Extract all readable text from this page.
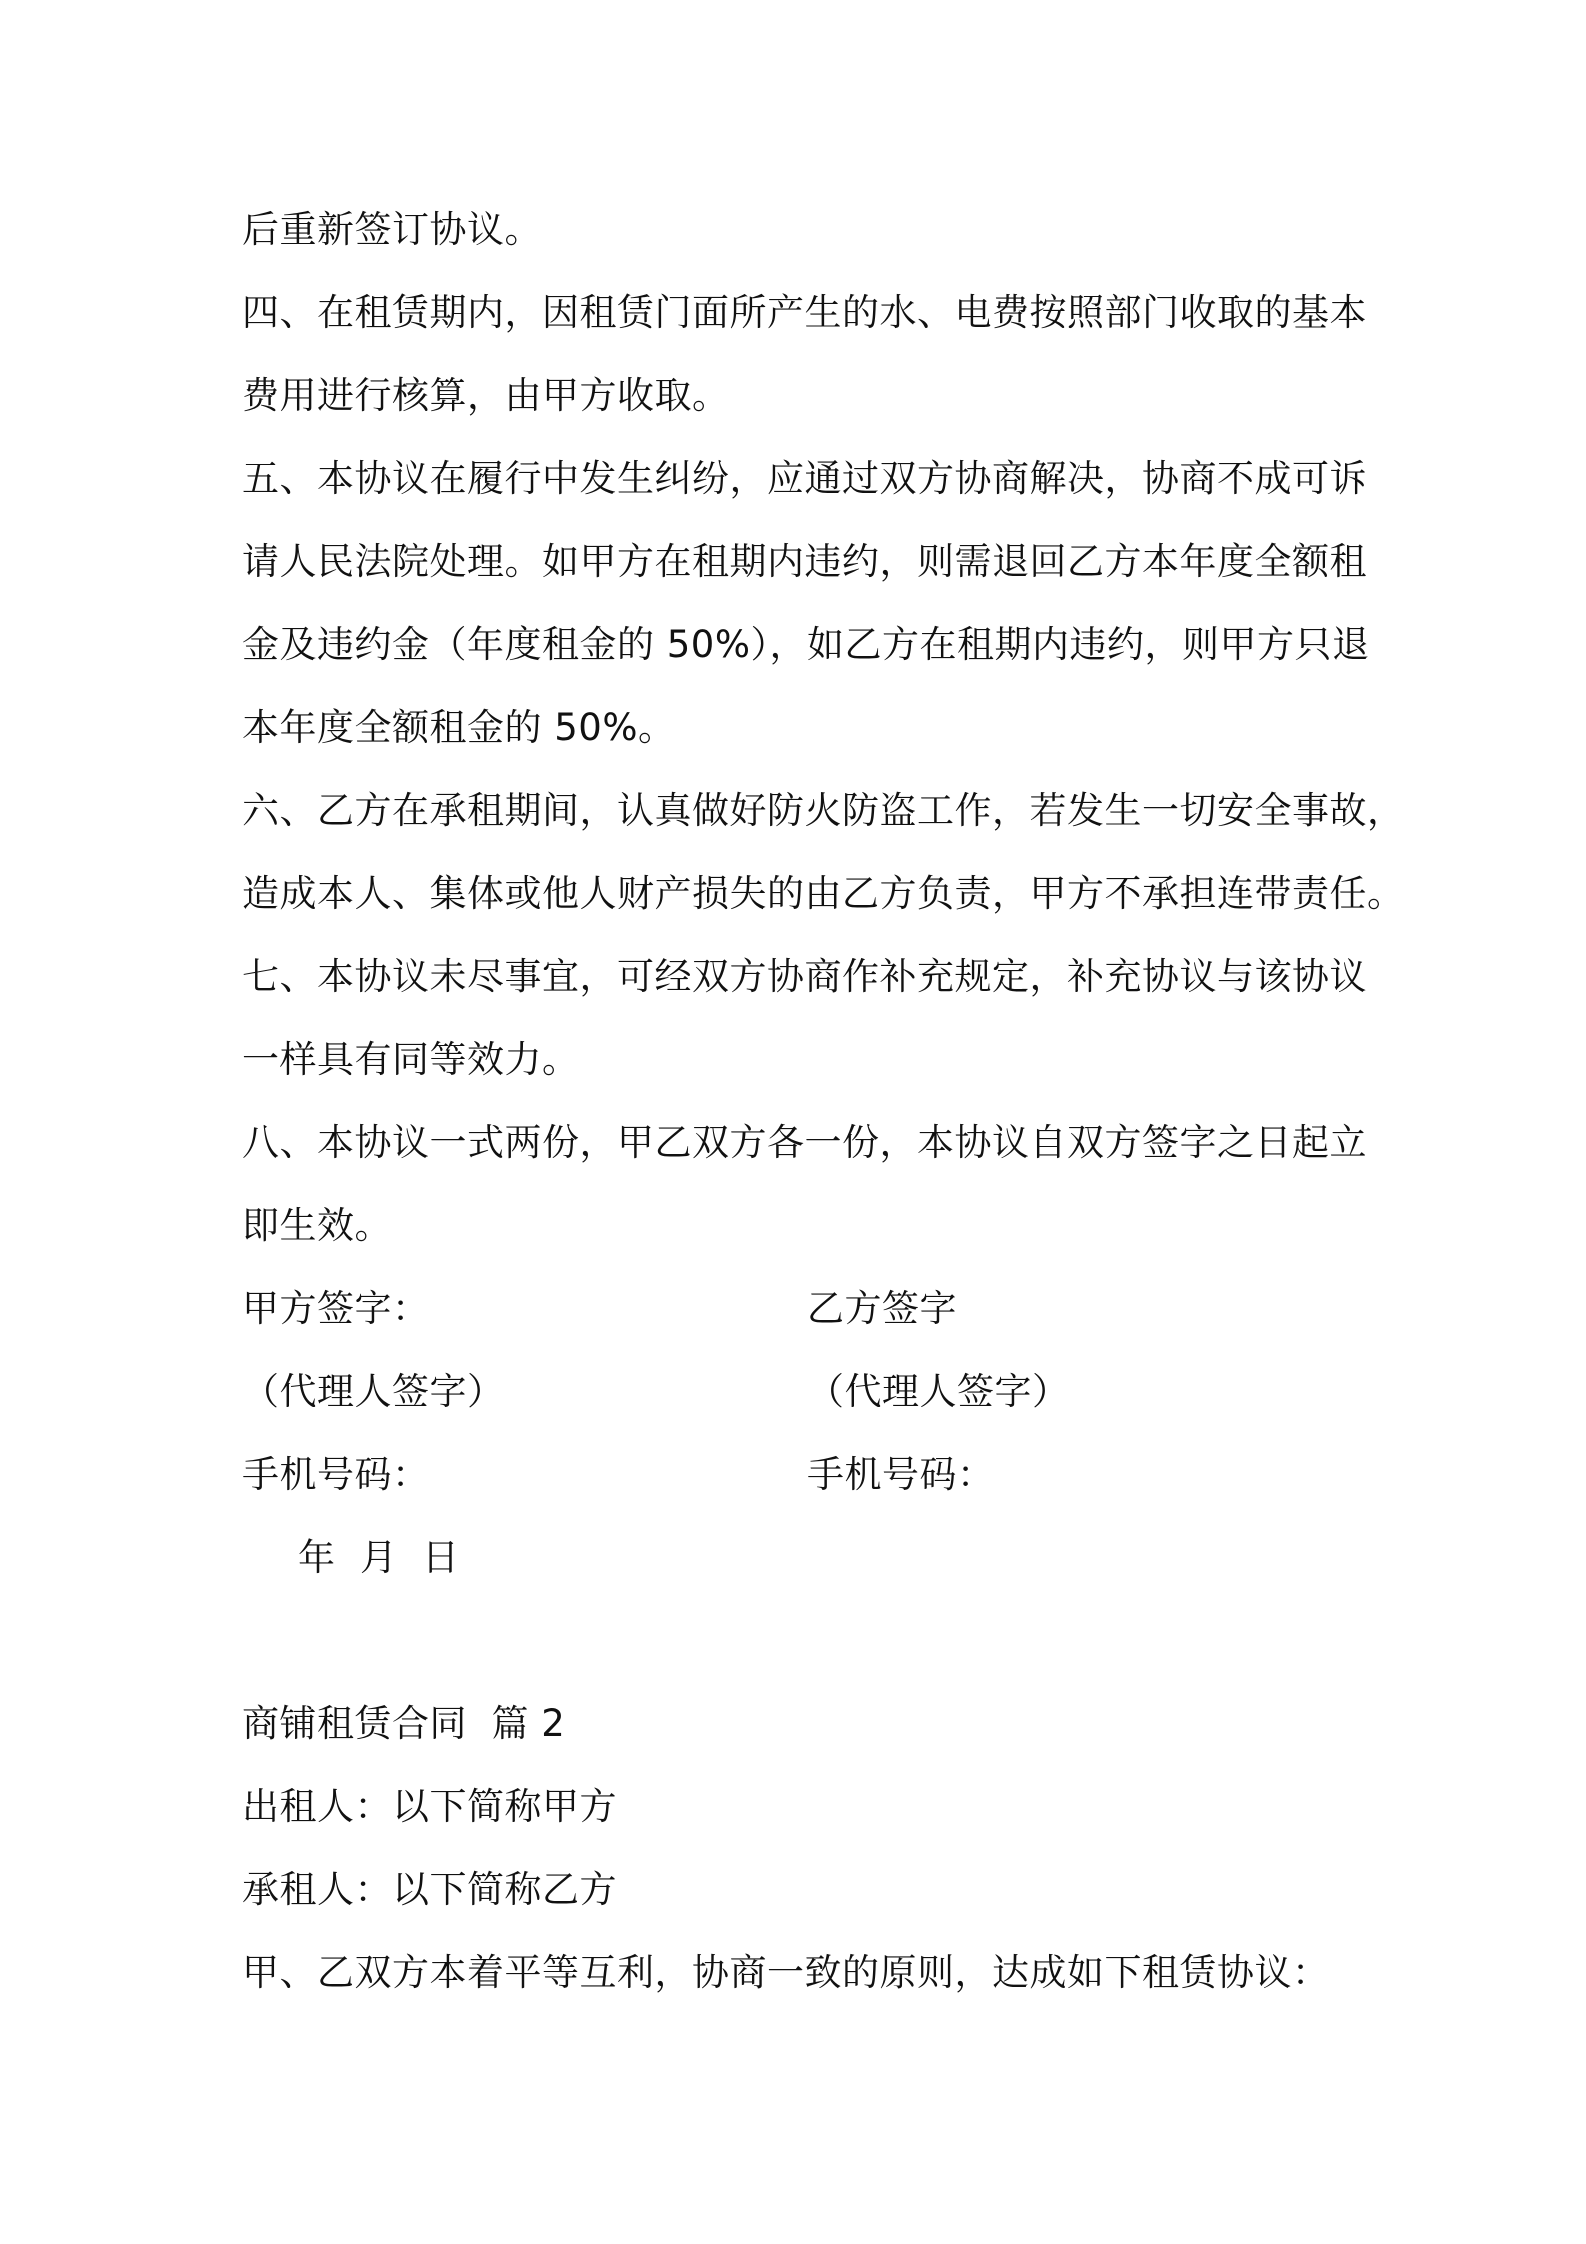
后重新签订协议。
四、在租赁期内，因租赁门面所产生的水、电费按照部门收取的基本
费用进行核算，由甲方收取。
五、本协议在履行中发生纠纷，应通过双方协商解决，协商不成可诉
请人民法院处理。如甲方在租期内违约，则需退回乙方本年度全额租
金及违约金（年度租金的 50%），如乙方在租期内违约，则甲方只退
本年度全额租金的 50%。
六、乙方在承租期间，认真做好防火防盗工作，若发生一切安全事故，
造成本人、集体或他人财产损失的由乙方负责，甲方不承担连带责任。
七、本协议未尽事宜，可经双方协商作补充规定，补充协议与该协议
一样具有同等效力。
八、本协议一式两份，甲乙双方各一份，本协议自双方签字之日起立
即生效。
甲方签字：	乙方签字
（代理人签字）	（代理人签字）
手机号码：	手机号码：
年  月  日
商铺租赁合同  篇 2
出租人：以下简称甲方
承租人：以下简称乙方
甲、乙双方本着平等互利，协商一致的原则，达成如下租赁协议：
